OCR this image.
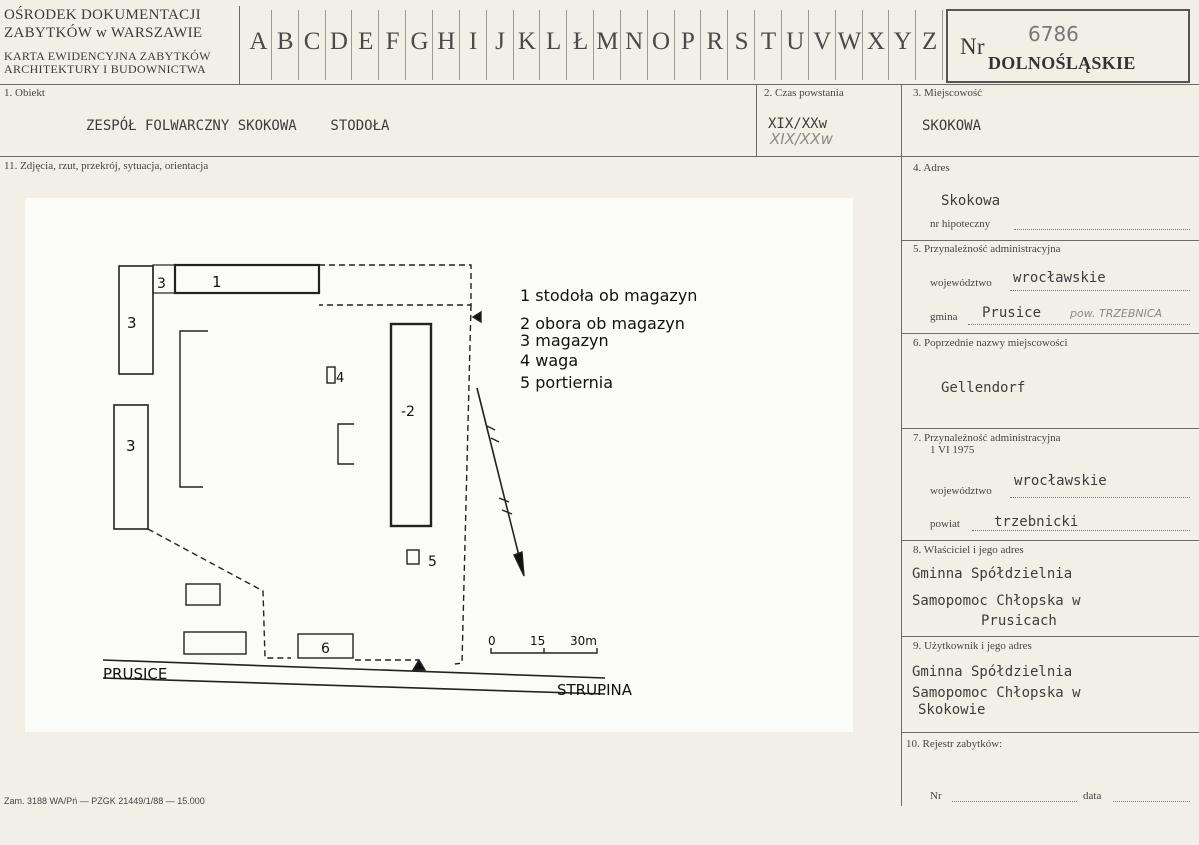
OŚRODEK DOKUMENTACJI
ZABYTKÓW w WARSZAWIE
KARTA EWIDENCYJNA ZABYTKÓW
ARCHITEKTURY I BUDOWNICTWA
A B C D E F G H I J K L Ł M N O P R S T U V W X Y Z Nr 6786
DOLNOŚLĄSKIE
1. Obiekt
ZESPÓŁ FOLWARCZNY SKOKOWA    STODOŁA
2. Czas powstania
XIX/XXw
XIX/XXw
3. Miejscowość
SKOKOWA
11. Zdjęcia, rzut, przekrój, sytuacja, orientacja	4. Adres
Skokowa
nr hipoteczny
5. Przynależność administracyjna
województwo wrocławskie
gmina Prusice	pow. TRZEBNICA
6. Poprzednie nazwy miejscowości
Gellendorf
7. Przynależność administracyjna
1 VI 1975
województwo
wrocławskie
powiat trzebnicki
8. Właściciel i jego adres
Gminna Spółdzielnia
Samopomoc Chłopska w
Prusicach
9. Użytkownik i jego adres
Gminna Spółdzielnia
Samopomoc Chłopska w
Skokowie
10. Rejestr zabytków:
Nr	data
Zam. 3188 WA/Pń — PZGK 21449/1/88 — 15.000
1
3
3
3
-2
4
5
6
1 stodoła ob magazyn
2 obora ob magazyn
3 magazyn
4 waga
5 portiernia
PRUSICE
STRUPINA
0	15 30m
